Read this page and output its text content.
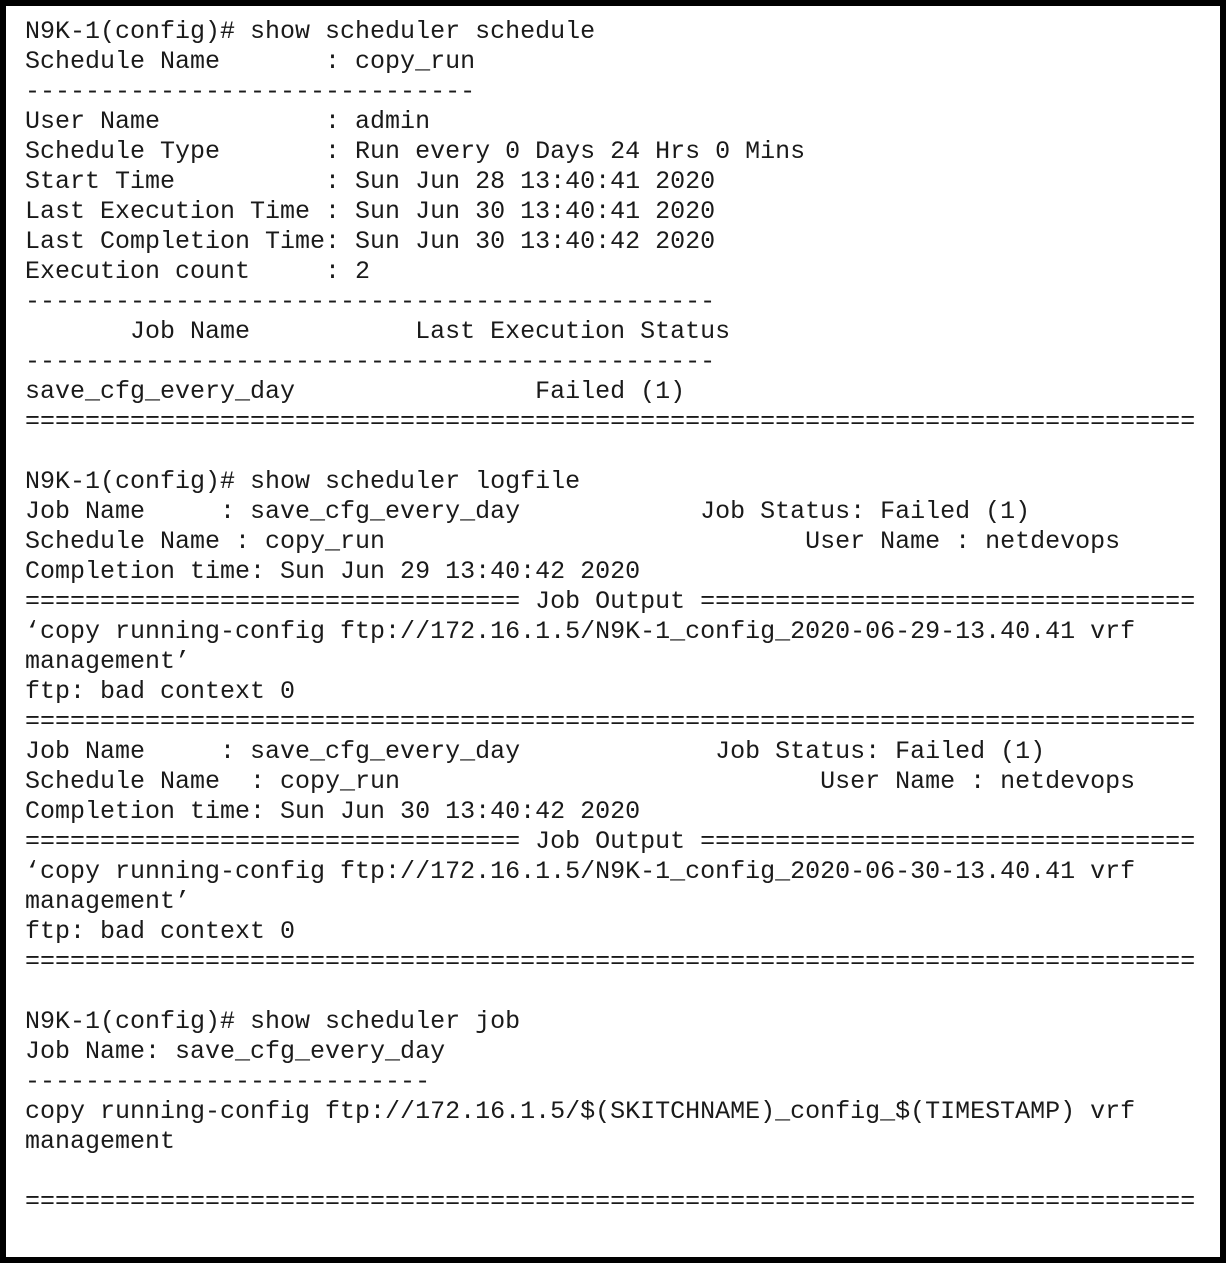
N9K-1(config)# show scheduler schedule
Schedule Name       : copy_run
------------------------------
User Name           : admin
Schedule Type       : Run every 0 Days 24 Hrs 0 Mins
Start Time          : Sun Jun 28 13:40:41 2020
Last Execution Time : Sun Jun 30 13:40:41 2020
Last Completion Time: Sun Jun 30 13:40:42 2020
Execution count     : 2
----------------------------------------------
Job Name           Last Execution Status
----------------------------------------------
save_cfg_every_day                Failed (1)
==============================================================================
N9K-1(config)# show scheduler logfile
Job Name     : save_cfg_every_day            Job Status: Failed (1)
Schedule Name : copy_run                            User Name : netdevops
Completion time: Sun Jun 29 13:40:42 2020
================================= Job Output =================================
‘copy running-config ftp://172.16.1.5/N9K-1_config_2020-06-29-13.40.41 vrf
management’
ftp: bad context 0
==============================================================================
Job Name     : save_cfg_every_day             Job Status: Failed (1)
Schedule Name  : copy_run                            User Name : netdevops
Completion time: Sun Jun 30 13:40:42 2020
================================= Job Output =================================
‘copy running-config ftp://172.16.1.5/N9K-1_config_2020-06-30-13.40.41 vrf
management’
ftp: bad context 0
==============================================================================
N9K-1(config)# show scheduler job
Job Name: save_cfg_every_day
---------------------------
copy running-config ftp://172.16.1.5/$(SKITCHNAME)_config_$(TIMESTAMP) vrf
management
==============================================================================
